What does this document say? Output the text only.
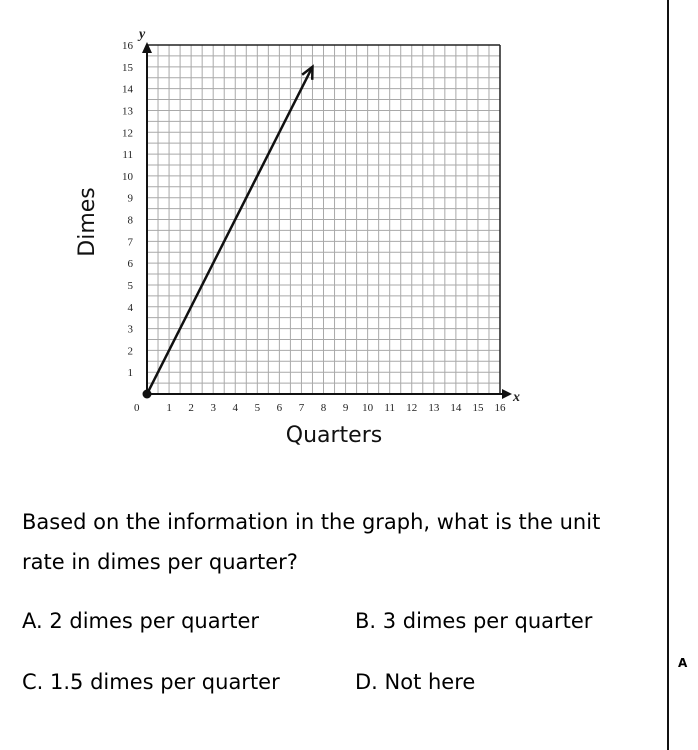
1 2 3 4 5 6 7 8 9 10 11 12 13 14 15 16
1
2
3
4
5
6
7
8
9
10
11
12
13
14
15
16
x
y
0
Quarters
Dimes
Based on the information in the graph, what is the unit rate in dimes per quarter?
A. 2 dimes per quarter	B. 3 dimes per quarter
C. 1.5 dimes per quarter	D. Not here
A
